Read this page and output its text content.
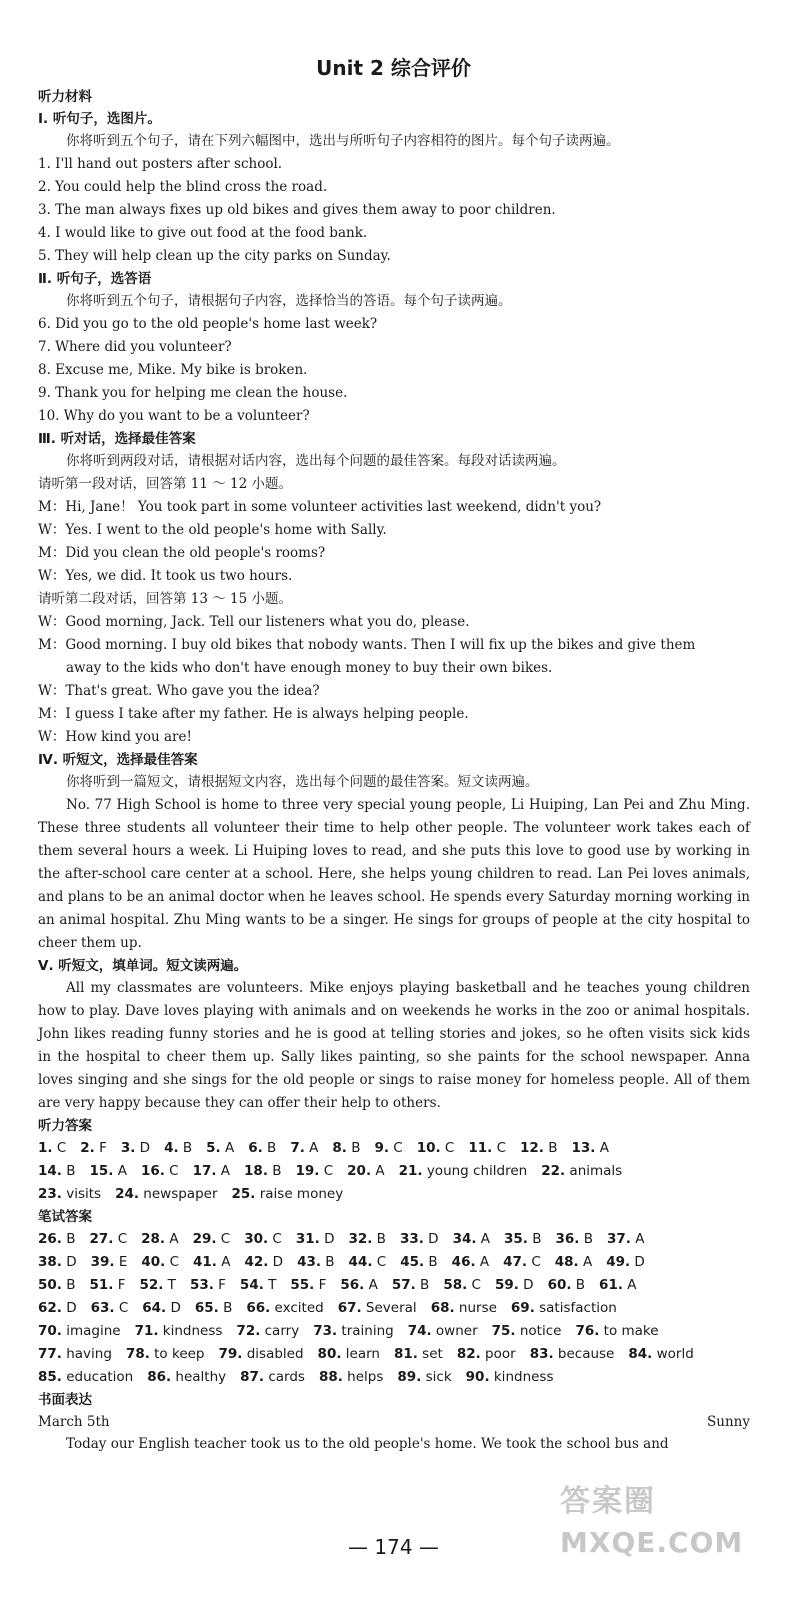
Unit 2 综合评价
听力材料
Ⅰ. 听句子，选图片。
你将听到五个句子，请在下列六幅图中，选出与所听句子内容相符的图片。每个句子读两遍。
1. I'll hand out posters after school.
2. You could help the blind cross the road.
3. The man always fixes up old bikes and gives them away to poor children.
4. I would like to give out food at the food bank.
5. They will help clean up the city parks on Sunday.
Ⅱ. 听句子，选答语
你将听到五个句子，请根据句子内容，选择恰当的答语。每个句子读两遍。
6. Did you go to the old people's home last week?
7. Where did you volunteer?
8. Excuse me, Mike. My bike is broken.
9. Thank you for helping me clean the house.
10. Why do you want to be a volunteer?
Ⅲ. 听对话，选择最佳答案
你将听到两段对话，请根据对话内容，选出每个问题的最佳答案。每段对话读两遍。
请听第一段对话，回答第 11 ～ 12 小题。
M：Hi, Jane！ You took part in some volunteer activities last weekend, didn't you?
W：Yes. I went to the old people's home with Sally.
M：Did you clean the old people's rooms?
W：Yes, we did. It took us two hours.
请听第二段对话，回答第 13 ～ 15 小题。
W：Good morning, Jack. Tell our listeners what you do, please.
M：Good morning. I buy old bikes that nobody wants. Then I will fix up the bikes and give them
away to the kids who don't have enough money to buy their own bikes.
W：That's great. Who gave you the idea?
M：I guess I take after my father. He is always helping people.
W：How kind you are!
Ⅳ. 听短文，选择最佳答案
你将听到一篇短文，请根据短文内容，选出每个问题的最佳答案。短文读两遍。
No. 77 High School is home to three very special young people, Li Huiping, Lan Pei and Zhu Ming. These three students all volunteer their time to help other people. The volunteer work takes each of them several hours a week. Li Huiping loves to read, and she puts this love to good use by working in the after-school care center at a school. Here, she helps young children to read. Lan Pei loves animals, and plans to be an animal doctor when he leaves school. He spends every Saturday morning working in an animal hospital. Zhu Ming wants to be a singer. He sings for groups of people at the city hospital to cheer them up.
Ⅴ. 听短文，填单词。短文读两遍。
All my classmates are volunteers. Mike enjoys playing basketball and he teaches young children how to play. Dave loves playing with animals and on weekends he works in the zoo or animal hospitals. John likes reading funny stories and he is good at telling stories and jokes, so he often visits sick kids in the hospital to cheer them up. Sally likes painting, so she paints for the school newspaper. Anna loves singing and she sings for the old people or sings to raise money for homeless people. All of them are very happy because they can offer their help to others.
听力答案
1. C 2. F 3. D 4. B 5. A 6. B 7. A 8. B 9. C 10. C 11. C 12. B 13. A
14. B 15. A 16. C 17. A 18. B 19. C 20. A 21. young children 22. animals
23. visits 24. newspaper 25. raise money
笔试答案
26. B 27. C 28. A 29. C 30. C 31. D 32. B 33. D 34. A 35. B 36. B 37. A
38. D 39. E 40. C 41. A 42. D 43. B 44. C 45. B 46. A 47. C 48. A 49. D
50. B 51. F 52. T 53. F 54. T 55. F 56. A 57. B 58. C 59. D 60. B 61. A
62. D 63. C 64. D 65. B 66. excited 67. Several 68. nurse 69. satisfaction
70. imagine 71. kindness 72. carry 73. training 74. owner 75. notice 76. to make
77. having 78. to keep 79. disabled 80. learn 81. set 82. poor 83. because 84. world
85. education 86. healthy 87. cards 88. helps 89. sick 90. kindness
书面表达
March 5th	Sunny
Today our English teacher took us to the old people's home. We took the school bus and
— 174 —
答案圈
MXQE.COM
